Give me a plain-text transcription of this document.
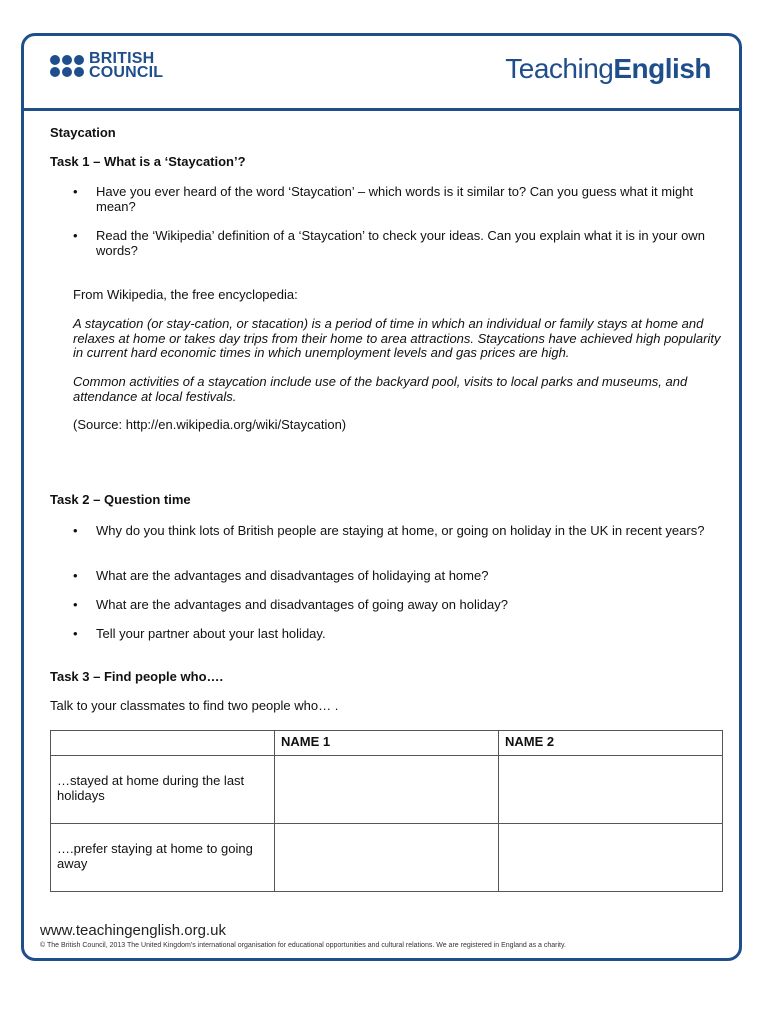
BRITISH
COUNCIL	TeachingEnglish
Staycation
Task 1 – What is a ‘Staycation’?
• Have you ever heard of the word ‘Staycation’ – which words is it similar to? Can you guess what it might mean?
• Read the ‘Wikipedia’ definition of a ‘Staycation’ to check your ideas. Can you explain what it is in your own words?
From Wikipedia, the free encyclopedia:
A staycation (or stay-cation, or stacation) is a period of time in which an individual or family stays at home and relaxes at home or takes day trips from their home to area attractions. Staycations have achieved high popularity in current hard economic times in which unemployment levels and gas prices are high.
Common activities of a staycation include use of the backyard pool, visits to local parks and museums, and attendance at local festivals.
(Source: http://en.wikipedia.org/wiki/Staycation)
Task 2 – Question time
• Why do you think lots of British people are staying at home, or going on holiday in the UK in recent years?
• What are the advantages and disadvantages of holidaying at home?
• What are the advantages and disadvantages of going away on holiday?
• Tell your partner about your last holiday.
Task 3 – Find people who….
Talk to your classmates to find two people who… .
	NAME 1	NAME 2
…stayed at home during the last holidays		
….prefer staying at home to going away		
www.teachingenglish.org.uk
© The British Council, 2013 The United Kingdom’s international organisation for educational opportunities and cultural relations. We are registered in England as a charity.
